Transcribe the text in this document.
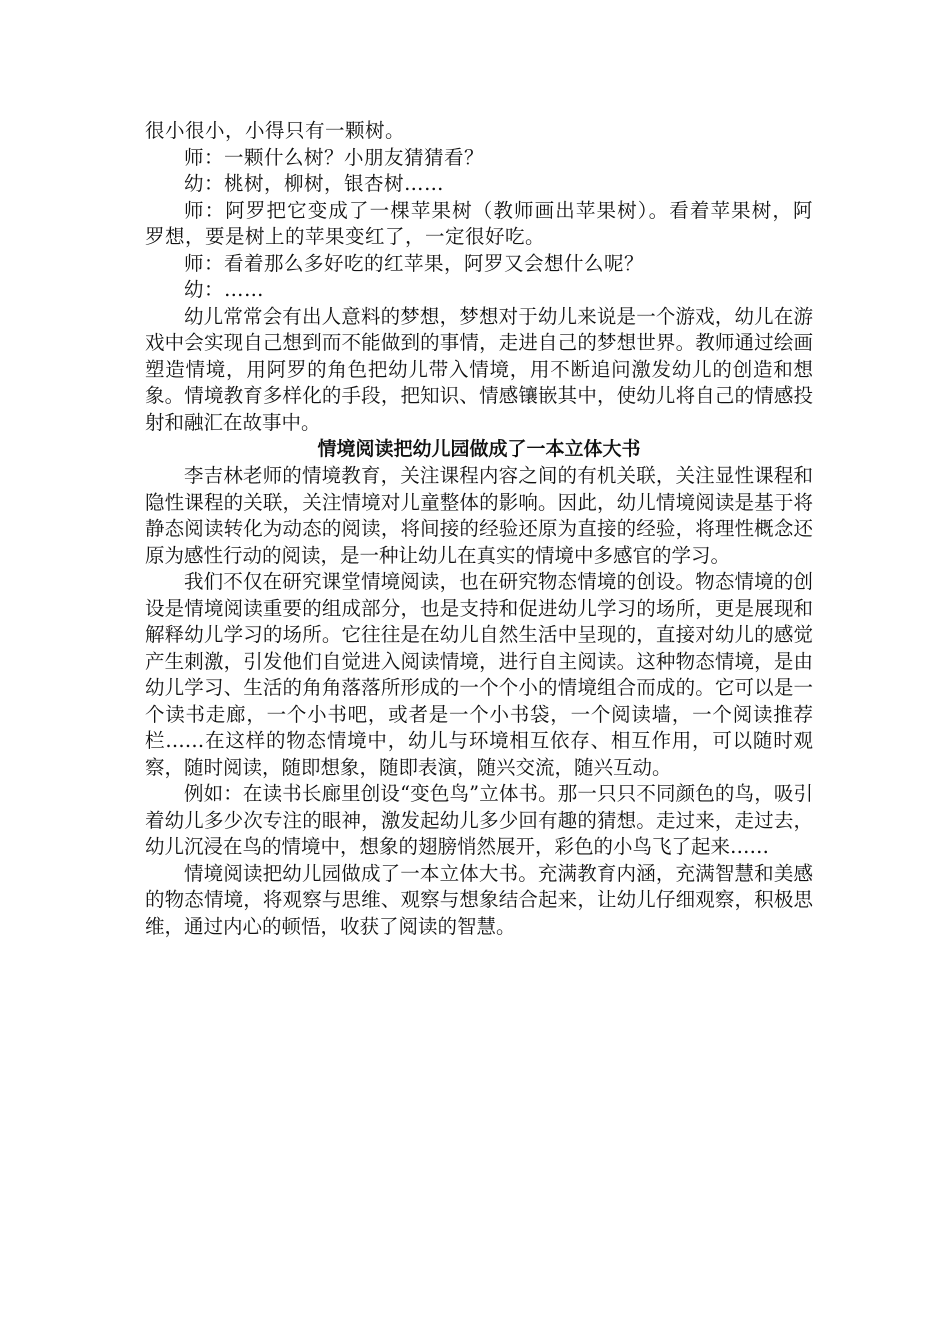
很小很小，小得只有一颗树。

师：一颗什么树？小朋友猜猜看？

幼：桃树，柳树，银杏树……

师：阿罗把它变成了一棵苹果树（教师画出苹果树）。看着苹果树，阿罗想，要是树上的苹果变红了，一定很好吃。

师：看着那么多好吃的红苹果，阿罗又会想什么呢？

幼：……

幼儿常常会有出人意料的梦想，梦想对于幼儿来说是一个游戏，幼儿在游戏中会实现自己想到而不能做到的事情，走进自己的梦想世界。教师通过绘画塑造情境，用阿罗的角色把幼儿带入情境，用不断追问激发幼儿的创造和想象。情境教育多样化的手段，把知识、情感镶嵌其中，使幼儿将自己的情感投射和融汇在故事中。

情境阅读把幼儿园做成了一本立体大书

李吉林老师的情境教育，关注课程内容之间的有机关联，关注显性课程和隐性课程的关联，关注情境对儿童整体的影响。因此，幼儿情境阅读是基于将静态阅读转化为动态的阅读，将间接的经验还原为直接的经验，将理性概念还原为感性行动的阅读，是一种让幼儿在真实的情境中多感官的学习。

我们不仅在研究课堂情境阅读，也在研究物态情境的创设。物态情境的创设是情境阅读重要的组成部分，也是支持和促进幼儿学习的场所，更是展现和解释幼儿学习的场所。它往往是在幼儿自然生活中呈现的，直接对幼儿的感觉产生刺激，引发他们自觉进入阅读情境，进行自主阅读。这种物态情境，是由幼儿学习、生活的角角落落所形成的一个个小的情境组合而成的。它可以是一个读书走廊，一个小书吧，或者是一个小书袋，一个阅读墙，一个阅读推荐栏……在这样的物态情境中，幼儿与环境相互依存、相互作用，可以随时观察，随时阅读，随即想象，随即表演，随兴交流，随兴互动。

例如：在读书长廊里创设“变色鸟”立体书。那一只只不同颜色的鸟，吸引着幼儿多少次专注的眼神，激发起幼儿多少回有趣的猜想。走过来，走过去，幼儿沉浸在鸟的情境中，想象的翅膀悄然展开，彩色的小鸟飞了起来……

情境阅读把幼儿园做成了一本立体大书。充满教育内涵，充满智慧和美感的物态情境，将观察与思维、观察与想象结合起来，让幼儿仔细观察，积极思维，通过内心的顿悟，收获了阅读的智慧。
